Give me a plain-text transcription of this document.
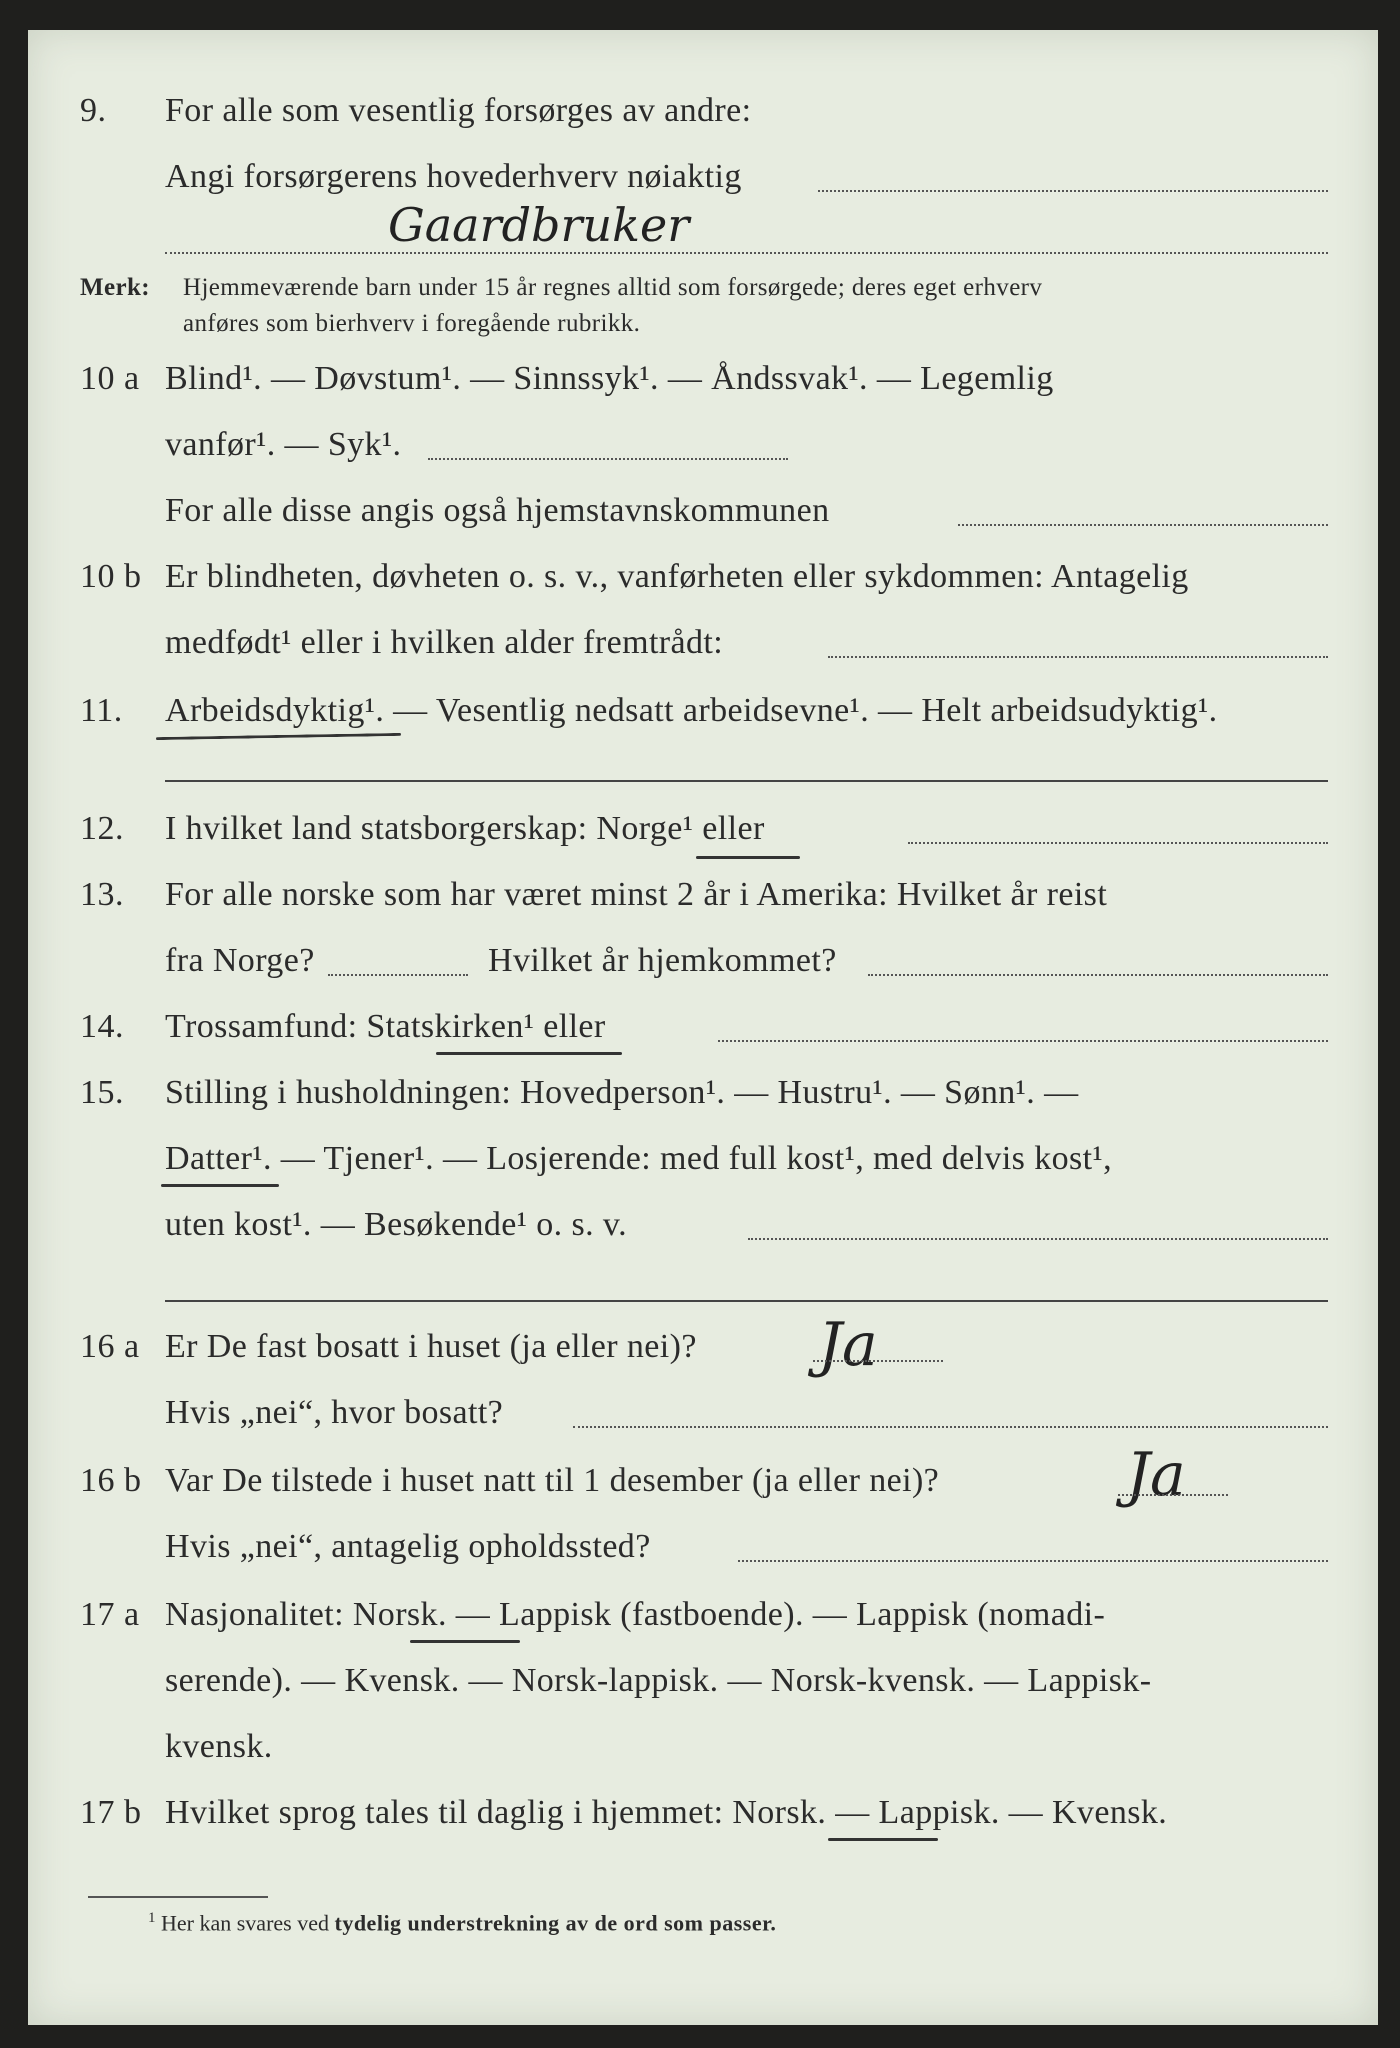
9. For alle som vesentlig forsørges av andre:
Angi forsørgerens hovederhverv nøiaktig
Gaardbruker
Merk: Hjemmeværende barn under 15 år regnes alltid som forsørgede; deres eget erhverv
anføres som bierhverv i foregående rubrikk.
10 a Blind¹. — Døvstum¹. — Sinnssyk¹. — Åndssvak¹. — Legemlig
vanfør¹. — Syk¹.
For alle disse angis også hjemstavnskommunen
10 b Er blindheten, døvheten o. s. v., vanførheten eller sykdommen: Antagelig
medfødt¹ eller i hvilken alder fremtrådt:
11. Arbeidsdyktig¹. — Vesentlig nedsatt arbeidsevne¹. — Helt arbeidsudyktig¹.
12. I hvilket land statsborgerskap: Norge¹ eller
13. For alle norske som har været minst 2 år i Amerika: Hvilket år reist
fra Norge?	Hvilket år hjemkommet?
14. Trossamfund: Statskirken¹ eller
15. Stilling i husholdningen: Hovedperson¹. — Hustru¹. — Sønn¹. —
Datter¹. — Tjener¹. — Losjerende: med full kost¹, med delvis kost¹,
uten kost¹. — Besøkende¹ o. s. v.
16 a Er De fast bosatt i huset (ja eller nei)? Ja
Hvis „nei“, hvor bosatt?
16 b Var De tilstede i huset natt til 1 desember (ja eller nei)?	Ja
Hvis „nei“, antagelig opholdssted?
17 a Nasjonalitet: Norsk. — Lappisk (fastboende). — Lappisk (nomadi-
serende). — Kvensk. — Norsk-lappisk. — Norsk-kvensk. — Lappisk-
kvensk.
17 b Hvilket sprog tales til daglig i hjemmet: Norsk. — Lappisk. — Kvensk.
$^1$ Her kan svares ved tydelig understrekning av de ord som passer.
